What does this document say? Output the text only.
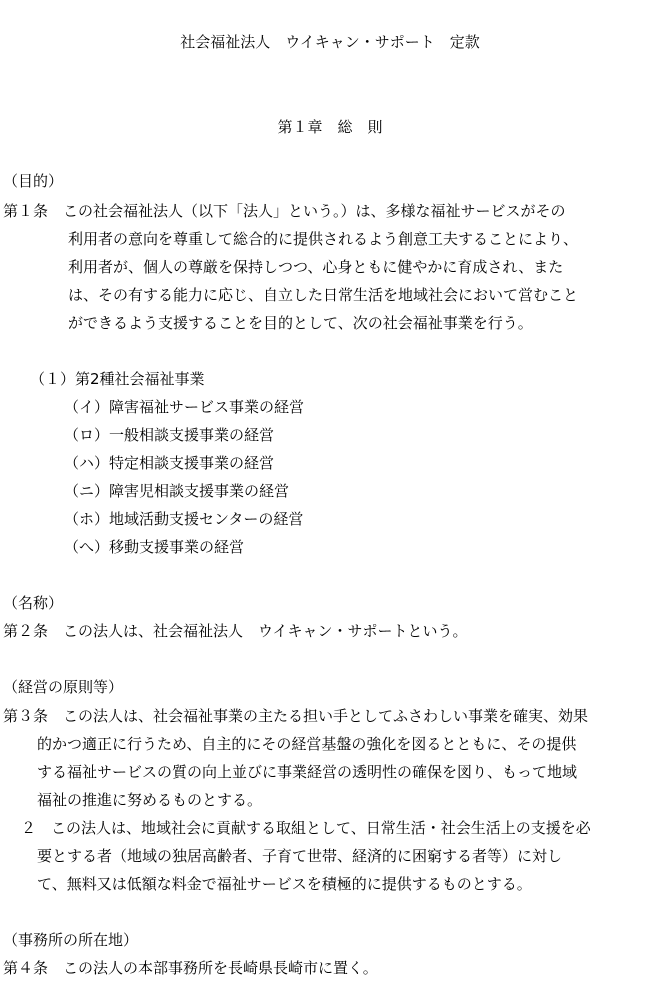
社会福祉法人　ウイキャン・サポート　定款
第１章　総　則
（目的）
第１条　この社会福祉法人（以下「法人」という。）は、多様な福祉サービスがその
利用者の意向を尊重して総合的に提供されるよう創意工夫することにより、
利用者が、個人の尊厳を保持しつつ、心身ともに健やかに育成され、また
は、その有する能力に応じ、自立した日常生活を地域社会において営むこと
ができるよう支援することを目的として、次の社会福祉事業を行う。
（１）第2種社会福祉事業
（イ）障害福祉サービス事業の経営
（ロ）一般相談支援事業の経営
（ハ）特定相談支援事業の経営
（ニ）障害児相談支援事業の経営
（ホ）地域活動支援センターの経営
（へ）移動支援事業の経営
（名称）
第２条　この法人は、社会福祉法人　ウイキャン・サポートという。
（経営の原則等）
第３条　この法人は、社会福祉事業の主たる担い手としてふさわしい事業を確実、効果
的かつ適正に行うため、自主的にその経営基盤の強化を図るとともに、その提供
する福祉サービスの質の向上並びに事業経営の透明性の確保を図り、もって地域
福祉の推進に努めるものとする。
２　この法人は、地域社会に貢献する取組として、日常生活・社会生活上の支援を必
要とする者（地域の独居高齢者、子育て世帯、経済的に困窮する者等）に対し
て、無料又は低額な料金で福祉サービスを積極的に提供するものとする。
（事務所の所在地）
第４条　この法人の本部事務所を長崎県長崎市に置く。
